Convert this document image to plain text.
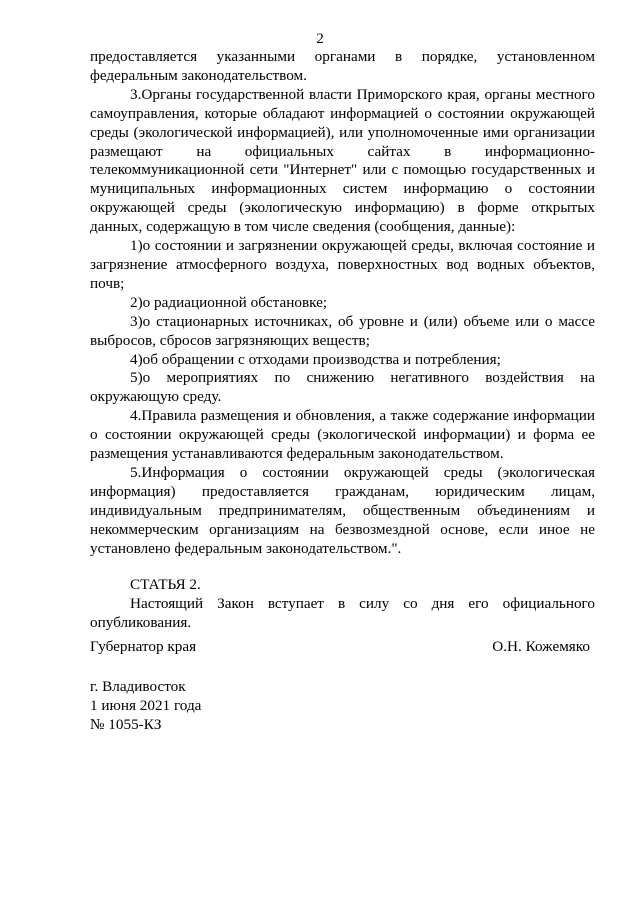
2

предоставляется указанными органами в порядке, установленном федеральным законодательством.

3.Органы государственной власти Приморского края, органы местного самоуправления, которые обладают информацией о состоянии окружающей среды (экологической информацией), или уполномоченные ими организации размещают на официальных сайтах в информационно-телекоммуникационной сети "Интернет" или с помощью государственных и муниципальных информационных систем информацию о состоянии окружающей среды (экологическую информацию) в форме открытых данных, содержащую в том числе сведения (сообщения, данные):

1)о состоянии и загрязнении окружающей среды, включая состояние и загрязнение атмосферного воздуха, поверхностных вод водных объектов, почв;

2)о радиационной обстановке;

3)о стационарных источниках, об уровне и (или) объеме или о массе выбросов, сбросов загрязняющих веществ;

4)об обращении с отходами производства и потребления;

5)о мероприятиях по снижению негативного воздействия на окружающую среду.

4.Правила размещения и обновления, а также содержание информации о состоянии окружающей среды (экологической информации) и форма ее размещения устанавливаются федеральным законодательством.

5.Информация о состоянии окружающей среды (экологическая информация) предоставляется гражданам, юридическим лицам, индивидуальным предпринимателям, общественным объединениям и некоммерческим организациям на безвозмездной основе, если иное не установлено федеральным законодательством.".

СТАТЬЯ 2.

Настоящий Закон вступает в силу со дня его официального опубликования.

Губернатор края	О.Н. Кожемяко
г. Владивосток
1 июня 2021 года
№ 1055-КЗ
